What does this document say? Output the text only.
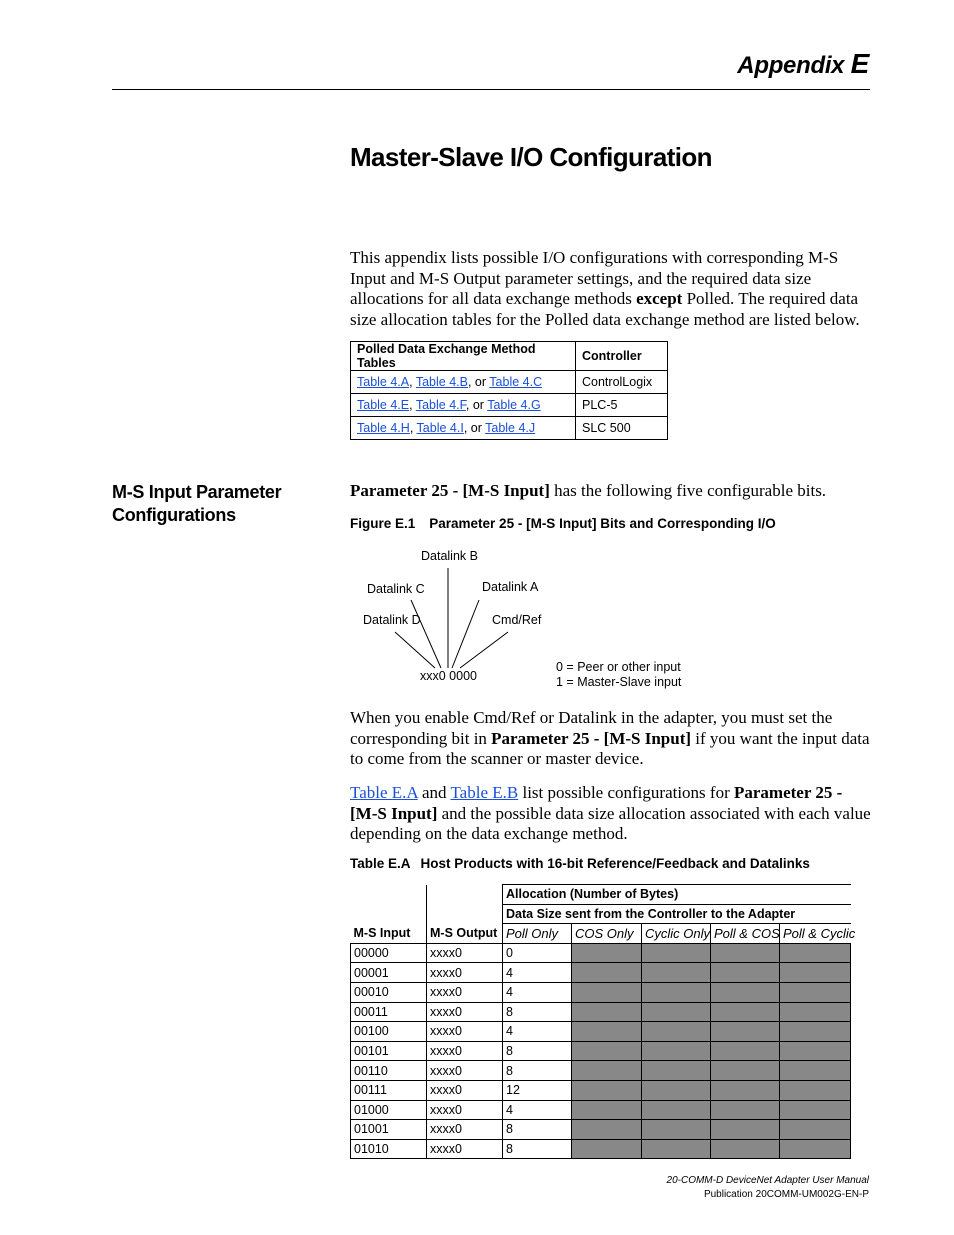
Appendix E
Master-Slave I/O Configuration

This appendix lists possible I/O configurations with corresponding M-S Input and M-S Output parameter settings, and the required data size allocations for all data exchange methods except Polled. The required data size allocation tables for the Polled data exchange method are listed below.

Polled Data Exchange Method Tables	Controller
Table 4.A, Table 4.B, or Table 4.C	ControlLogix
Table 4.E, Table 4.F, or Table 4.G	PLC-5
Table 4.H, Table 4.I, or Table 4.J	SLC 500
M-S Input Parameter Configurations
Parameter 25 - [M-S Input] has the following five configurable bits.
Figure E.1 Parameter 25 - [M-S Input] Bits and Corresponding I/O
Datalink B
Datalink A
Datalink C
Datalink D	Cmd/Ref
xxx0 0000
0 = Peer or other input
1 = Master-Slave input

When you enable Cmd/Ref or Datalink in the adapter, you must set the corresponding bit in Parameter 25 - [M-S Input] if you want the input data to come from the scanner or master device.

Table E.A and Table E.B list possible configurations for Parameter 25 - [M-S Input] and the possible data size allocation associated with each value depending on the data exchange method.

Table E.A Host Products with 16-bit Reference/Feedback and Datalinks
		Allocation (Number of Bytes)				
		Data Size sent from the Controller to the Adapter				
M-S Input	M-S Output	Poll Only	COS Only	Cyclic Only	Poll & COS	Poll & Cyclic
00000	xxxx0	0				
00001	xxxx0	4				
00010	xxxx0	4				
00011	xxxx0	8				
00100	xxxx0	4				
00101	xxxx0	8				
00110	xxxx0	8				
00111	xxxx0	12				
01000	xxxx0	4				
01001	xxxx0	8				
01010	xxxx0	8				
20-COMM-D DeviceNet Adapter User Manual
Publication 20COMM-UM002G-EN-P
